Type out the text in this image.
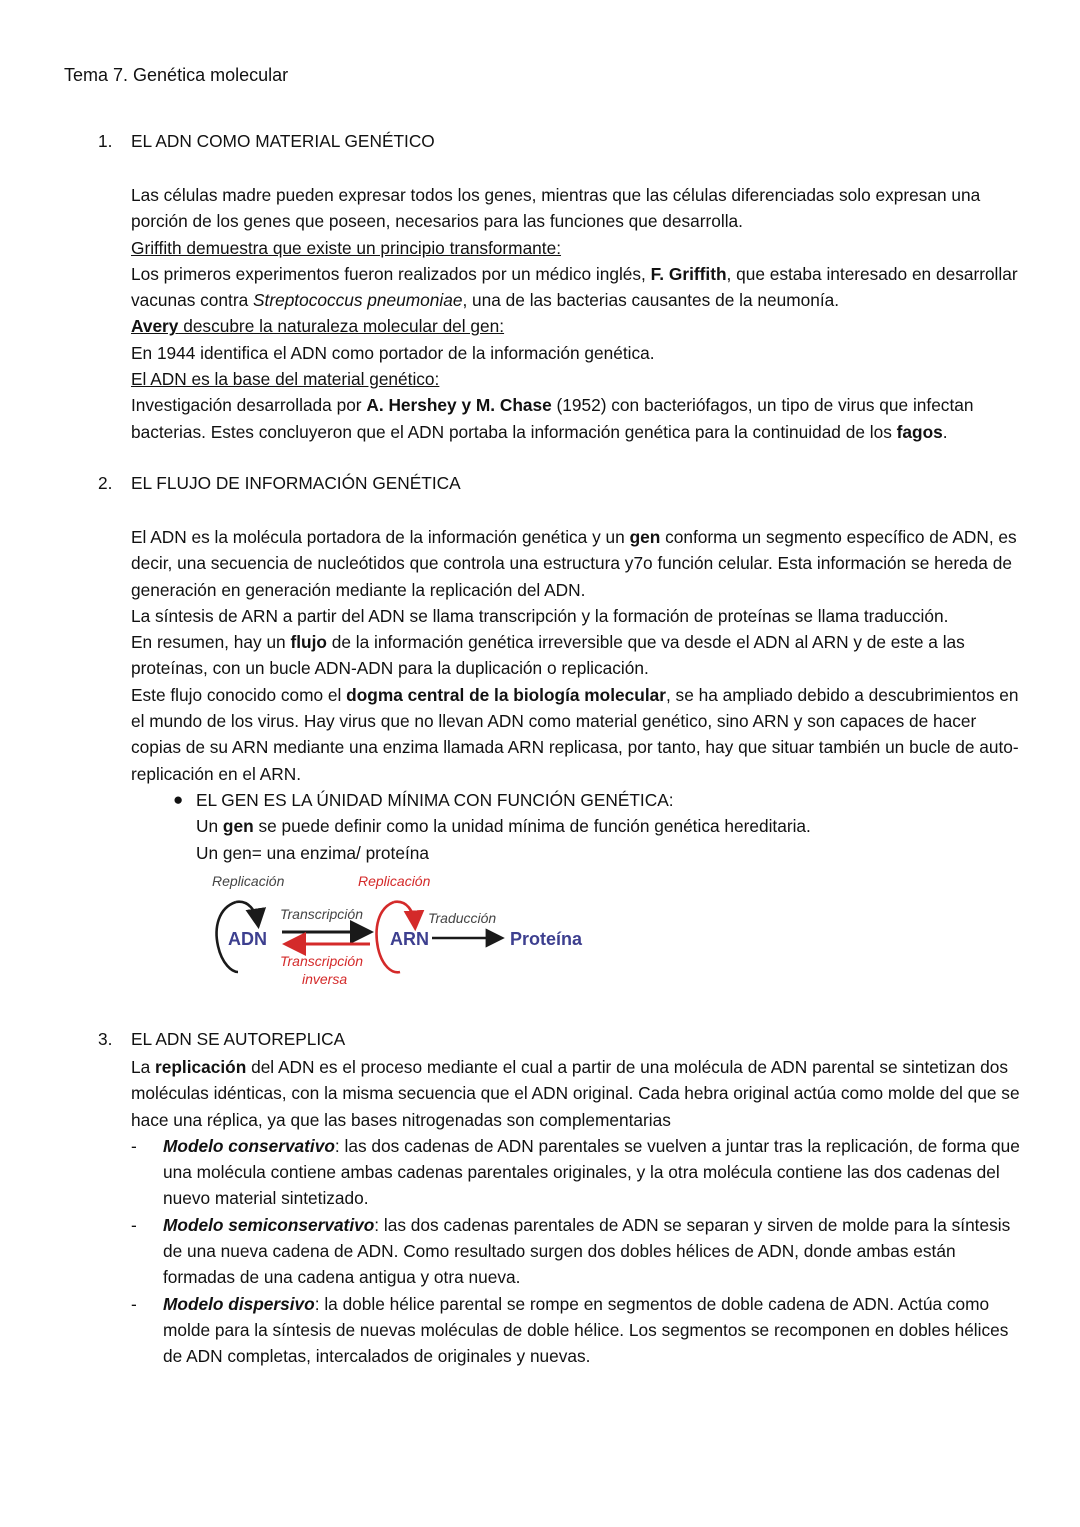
Tema 7. Genética molecular
1. EL ADN COMO MATERIAL GENÉTICO

Las células madre pueden expresar todos los genes, mientras que las células diferenciadas solo expresan una porción de los genes que poseen, necesarios para las funciones que desarrolla.

Griffith demuestra que existe un principio transformante:

Los primeros experimentos fueron realizados por un médico inglés, F. Griffith, que estaba interesado en desarrollar vacunas contra Streptococcus pneumoniae, una de las bacterias causantes de la neumonía.

Avery descubre la naturaleza molecular del gen:

En 1944 identifica el ADN como portador de la información genética.

El ADN es la base del material genético:

Investigación desarrollada por A. Hershey y M. Chase (1952) con bacteriófagos, un tipo de virus que infectan bacterias. Estes concluyeron que el ADN portaba la información genética para la continuidad de los fagos.

2. EL FLUJO DE INFORMACIÓN GENÉTICA

El ADN es la molécula portadora de la información genética y un gen conforma un segmento específico de ADN, es decir, una secuencia de nucleótidos que controla una estructura y7o función celular. Esta información se hereda de generación en generación mediante la replicación del ADN.

La síntesis de ARN a partir del ADN se llama transcripción y la formación de proteínas se llama traducción.

En resumen, hay un flujo de la información genética irreversible que va desde el ADN al ARN y de este a las proteínas, con un bucle ADN-ADN para la duplicación o replicación.

Este flujo conocido como el dogma central de la biología molecular, se ha ampliado debido a descubrimientos en el mundo de los virus. Hay virus que no llevan ADN como material genético, sino ARN y son capaces de hacer copias de su ARN mediante una enzima llamada ARN replicasa, por tanto, hay que situar también un bucle de auto-replicación en el ARN.

● EL GEN ES LA ÚNIDAD MÍNIMA CON FUNCIÓN GENÉTICA:

Un gen se puede definir como la unidad mínima de función genética hereditaria.

Un gen= una enzima/ proteína

Replicación	Replicación
ADN
Transcripción
Transcripción
inversa
ARN
Traducción
Proteína
3. EL ADN SE AUTOREPLICA

La replicación del ADN es el proceso mediante el cual a partir de una molécula de ADN parental se sintetizan dos moléculas idénticas, con la misma secuencia que el ADN original. Cada hebra original actúa como molde del que se hace una réplica, ya que las bases nitrogenadas son complementarias

- Modelo conservativo: las dos cadenas de ADN parentales se vuelven a juntar tras la replicación, de forma que una molécula contiene ambas cadenas parentales originales, y la otra molécula contiene las dos cadenas del nuevo material sintetizado.

- Modelo semiconservativo: las dos cadenas parentales de ADN se separan y sirven de molde para la síntesis de una nueva cadena de ADN. Como resultado surgen dos dobles hélices de ADN, donde ambas están formadas de una cadena antigua y otra nueva.

- Modelo dispersivo: la doble hélice parental se rompe en segmentos de doble cadena de ADN. Actúa como molde para la síntesis de nuevas moléculas de doble hélice. Los segmentos se recomponen en dobles hélices de ADN completas, intercalados de originales y nuevas.
